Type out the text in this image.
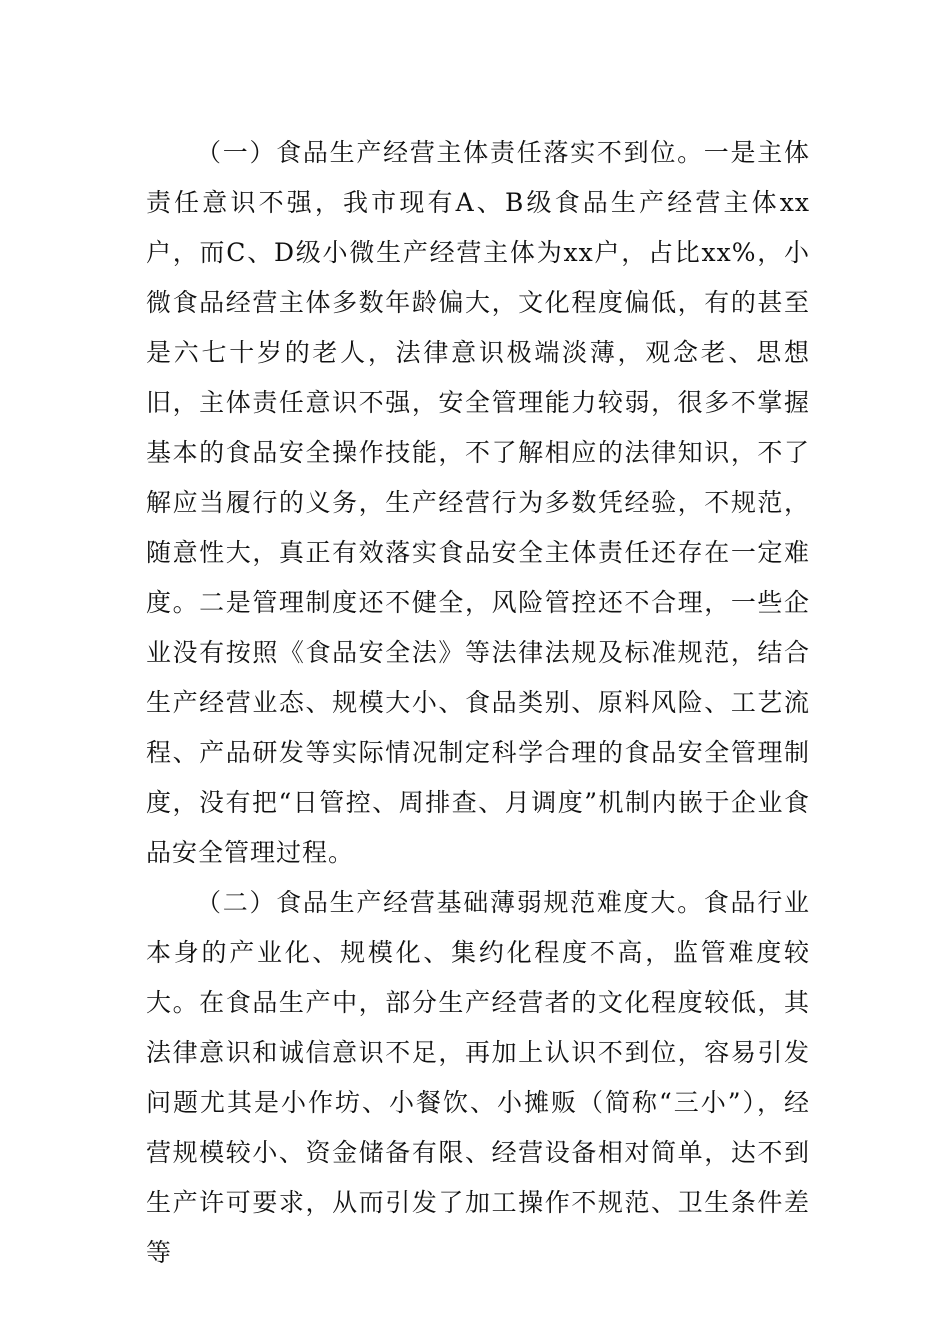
（一）食品生产经营主体责任落实不到位。一是主体责任意识不强，我市现有A、B级食品生产经营主体xx户，而C、D级小微生产经营主体为xx户，占比xx%，小微食品经营主体多数年龄偏大，文化程度偏低，有的甚至是六七十岁的老人，法律意识极端淡薄，观念老、思想旧，主体责任意识不强，安全管理能力较弱，很多不掌握基本的食品安全操作技能，不了解相应的法律知识，不了解应当履行的义务，生产经营行为多数凭经验，不规范，随意性大，真正有效落实食品安全主体责任还存在一定难度。二是管理制度还不健全，风险管控还不合理，一些企业没有按照《食品安全法》等法律法规及标准规范，结合生产经营业态、规模大小、食品类别、原料风险、工艺流程、产品研发等实际情况制定科学合理的食品安全管理制度，没有把“日管控、周排查、月调度”机制内嵌于企业食品安全管理过程。

（二）食品生产经营基础薄弱规范难度大。食品行业本身的产业化、规模化、集约化程度不高，监管难度较大。在食品生产中，部分生产经营者的文化程度较低，其法律意识和诚信意识不足，再加上认识不到位，容易引发问题尤其是小作坊、小餐饮、小摊贩（简称“三小”），经营规模较小、资金储备有限、经营设备相对简单，达不到生产许可要求，从而引发了加工操作不规范、卫生条件差等
